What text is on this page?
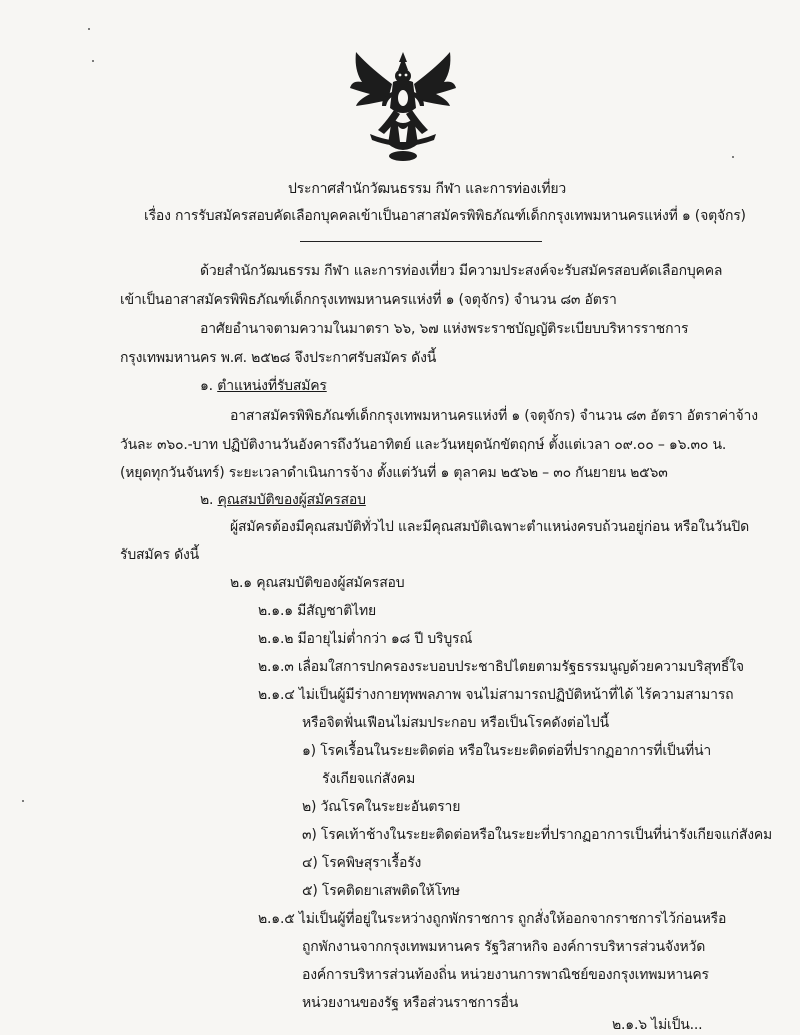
ประกาศสำนักวัฒนธรรม กีฬา และการท่องเที่ยว
เรื่อง การรับสมัครสอบคัดเลือกบุคคลเข้าเป็นอาสาสมัครพิพิธภัณฑ์เด็กกรุงเทพมหานครแห่งที่ ๑ (จตุจักร)
ด้วยสำนักวัฒนธรรม กีฬา และการท่องเที่ยว มีความประสงค์จะรับสมัครสอบคัดเลือกบุคคล
เข้าเป็นอาสาสมัครพิพิธภัณฑ์เด็กกรุงเทพมหานครแห่งที่ ๑ (จตุจักร) จำนวน ๘๓ อัตรา
อาศัยอำนาจตามความในมาตรา ๖๖, ๖๗ แห่งพระราชบัญญัติระเบียบบริหารราชการ
กรุงเทพมหานคร พ.ศ. ๒๕๒๘ จึงประกาศรับสมัคร ดังนี้
๑. ตำแหน่งที่รับสมัคร
อาสาสมัครพิพิธภัณฑ์เด็กกรุงเทพมหานครแห่งที่ ๑ (จตุจักร) จำนวน ๘๓ อัตรา อัตราค่าจ้าง
วันละ ๓๖๐.-บาท ปฏิบัติงานวันอังคารถึงวันอาทิตย์ และวันหยุดนักขัตฤกษ์ ตั้งแต่เวลา ๐๙.๐๐ – ๑๖.๓๐ น.
(หยุดทุกวันจันทร์) ระยะเวลาดำเนินการจ้าง ตั้งแต่วันที่ ๑ ตุลาคม ๒๕๖๒ – ๓๐ กันยายน ๒๕๖๓
๒. คุณสมบัติของผู้สมัครสอบ
ผู้สมัครต้องมีคุณสมบัติทั่วไป และมีคุณสมบัติเฉพาะตำแหน่งครบถ้วนอยู่ก่อน หรือในวันปิด
รับสมัคร ดังนี้
๒.๑ คุณสมบัติของผู้สมัครสอบ
๒.๑.๑ มีสัญชาติไทย
๒.๑.๒ มีอายุไม่ต่ำกว่า ๑๘ ปี บริบูรณ์
๒.๑.๓ เลื่อมใสการปกครองระบอบประชาธิปไตยตามรัฐธรรมนูญด้วยความบริสุทธิ์ใจ
๒.๑.๔ ไม่เป็นผู้มีร่างกายทุพพลภาพ จนไม่สามารถปฏิบัติหน้าที่ได้ ไร้ความสามารถ
หรือจิตฟั่นเฟือนไม่สมประกอบ หรือเป็นโรคดังต่อไปนี้
๑) โรคเรื้อนในระยะติดต่อ หรือในระยะติดต่อที่ปรากฏอาการที่เป็นที่น่า
รังเกียจแก่สังคม
๒) วัณโรคในระยะอันตราย
๓) โรคเท้าช้างในระยะติดต่อหรือในระยะที่ปรากฏอาการเป็นที่น่ารังเกียจแก่สังคม
๔) โรคพิษสุราเรื้อรัง
๕) โรคติดยาเสพติดให้โทษ
๒.๑.๕ ไม่เป็นผู้ที่อยู่ในระหว่างถูกพักราชการ ถูกสั่งให้ออกจากราชการไว้ก่อนหรือ
ถูกพักงานจากกรุงเทพมหานคร รัฐวิสาหกิจ องค์การบริหารส่วนจังหวัด
องค์การบริหารส่วนท้องถิ่น หน่วยงานการพาณิชย์ของกรุงเทพมหานคร
หน่วยงานของรัฐ หรือส่วนราชการอื่น
๒.๑.๖ ไม่เป็น...
